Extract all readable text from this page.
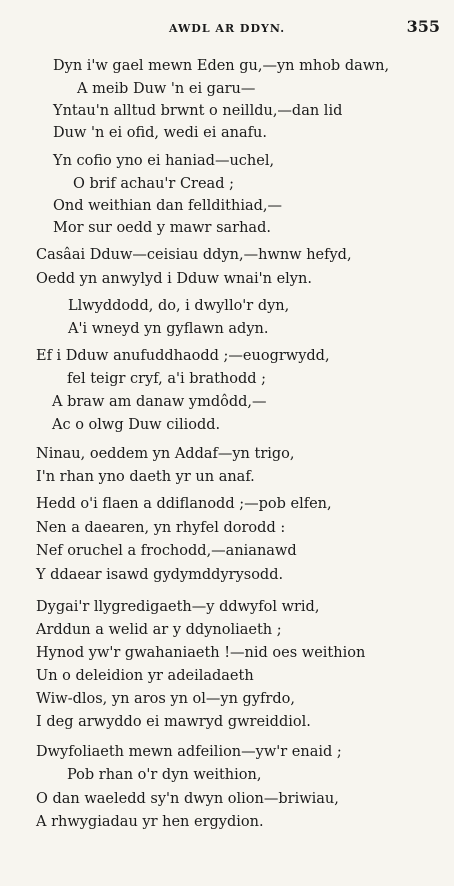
AWDL AR DDYN.	355
Dyn i'w gael mewn Eden gu,—yn mhob dawn,
A meib Duw 'n ei garu—
Yntau'n alltud brwnt o neilldu,—dan lid
Duw 'n ei ofid, wedi ei anafu.
Yn cofio yno ei haniad—uchel,
O brif achau'r Cread ;
Ond weithian dan felldithiad,—
Mor sur oedd y mawr sarhad.
Casâai Dduw—ceisiau ddyn,—hwnw hefyd,
Oedd yn anwylyd i Dduw wnai'n elyn.
Llwyddodd, do, i dwyllo'r dyn,
A'i wneyd yn gyflawn adyn.
Ef i Dduw anufuddhaodd ;—euogrwydd,
fel teigr cryf, a'i brathodd ;
A braw am danaw ymdôdd,—
Ac o olwg Duw ciliodd.
Ninau, oeddem yn Addaf—yn trigo,
I'n rhan yno daeth yr un anaf.
Hedd o'i flaen a ddiflanodd ;—pob elfen,
Nen a daearen, yn rhyfel dorodd :
Nef oruchel a frochodd,—anianawd
Y ddaear isawd gydymddyrysodd.
Dygai'r llygredigaeth—y ddwyfol wrid,
Arddun a welid ar y ddynoliaeth ;
Hynod yw'r gwahaniaeth !—nid oes weithion
Un o deleidion yr adeiladaeth
Wiw-dlos, yn aros yn ol—yn gyfrdo,
I deg arwyddo ei mawryd gwreiddiol.
Dwyfoliaeth mewn adfeilion—yw'r enaid ;
Pob rhan o'r dyn weithion,
O dan waeledd sy'n dwyn olion—briwiau,
A rhwygiadau yr hen ergydion.
